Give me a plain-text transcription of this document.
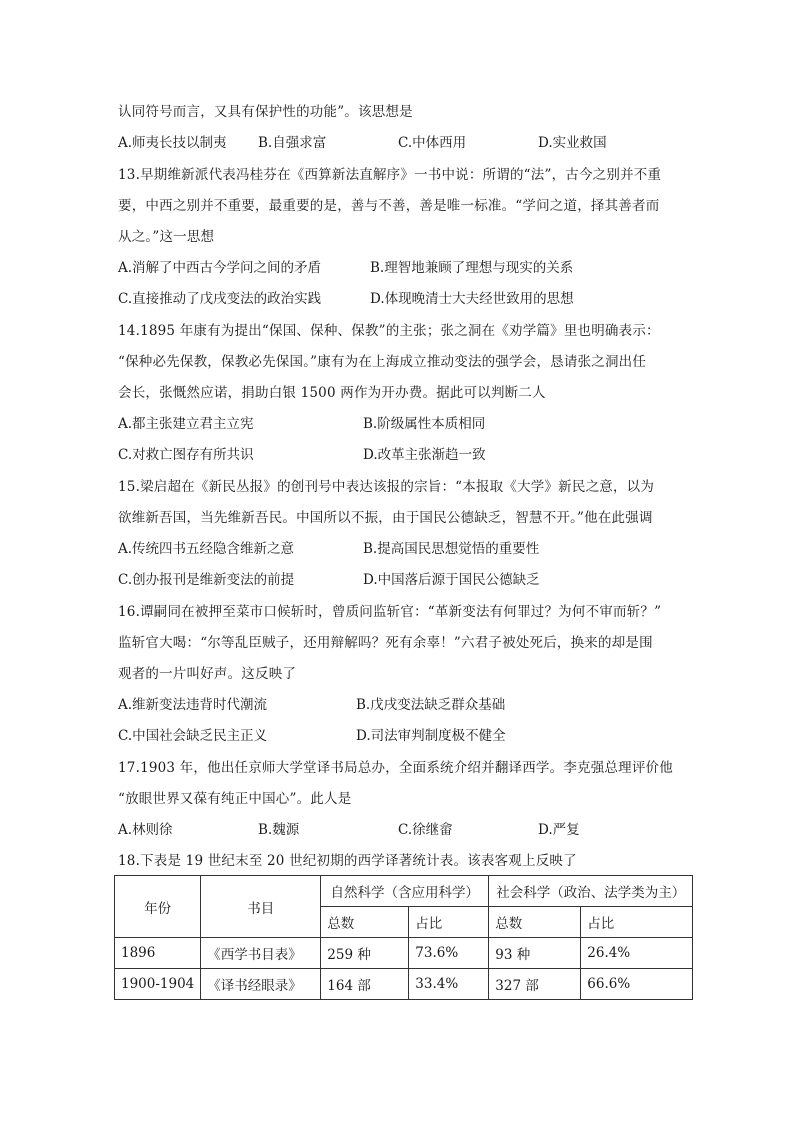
认同符号而言，又具有保护性的功能”。该思想是
A.师夷长技以制夷 B.自强求富	C.中体西用	D.实业救国
13.早期维新派代表冯桂芬在《西算新法直解序》一书中说：所谓的“法”，古今之别并不重
要，中西之别并不重要，最重要的是，善与不善，善是唯一标准。“学问之道，择其善者而
从之。”这一思想
A.消解了中西古今学问之间的矛盾	B.理智地兼顾了理想与现实的关系
C.直接推动了戊戌变法的政治实践	D.体现晚清士大夫经世致用的思想
14.1895 年康有为提出“保国、保种、保教”的主张；张之洞在《劝学篇》里也明确表示：
“保种必先保教，保教必先保国。”康有为在上海成立推动变法的强学会，恳请张之洞出任
会长，张慨然应诺，捐助白银 1500 两作为开办费。据此可以判断二人
A.都主张建立君主立宪	B.阶级属性本质相同
C.对救亡图存有所共识	D.改革主张渐趋一致
15.梁启超在《新民丛报》的创刊号中表达该报的宗旨：“本报取《大学》新民之意，以为
欲维新吾国，当先维新吾民。中国所以不振，由于国民公德缺乏，智慧不开。”他在此强调
A.传统四书五经隐含维新之意	B.提高国民思想觉悟的重要性
C.创办报刊是维新变法的前提	D.中国落后源于国民公德缺乏
16.谭嗣同在被押至菜市口候斩时，曾质问监斩官：“革新变法有何罪过？为何不审而斩？”
监斩官大喝：“尔等乱臣贼子，还用辩解吗？死有余辜！”六君子被处死后，换来的却是围
观者的一片叫好声。这反映了
A.维新变法违背时代潮流	B.戊戌变法缺乏群众基础
C.中国社会缺乏民主正义	D.司法审判制度极不健全
17.1903 年，他出任京师大学堂译书局总办，全面系统介绍并翻译西学。李克强总理评价他
“放眼世界又葆有纯正中国心”。此人是
A.林则徐	B.魏源	C.徐继畲	D.严复
18.下表是 19 世纪末至 20 世纪初期的西学译著统计表。该表客观上反映了
年份	书目	自然科学（含应用科学）		社会科学（政治、法学类为主）	
		总数	占比	总数	占比
1896	《西学书目表》	259 种	73.6%	93 种	26.4%
1900-1904	《译书经眼录》	164 部	33.4%	327 部	66.6%
